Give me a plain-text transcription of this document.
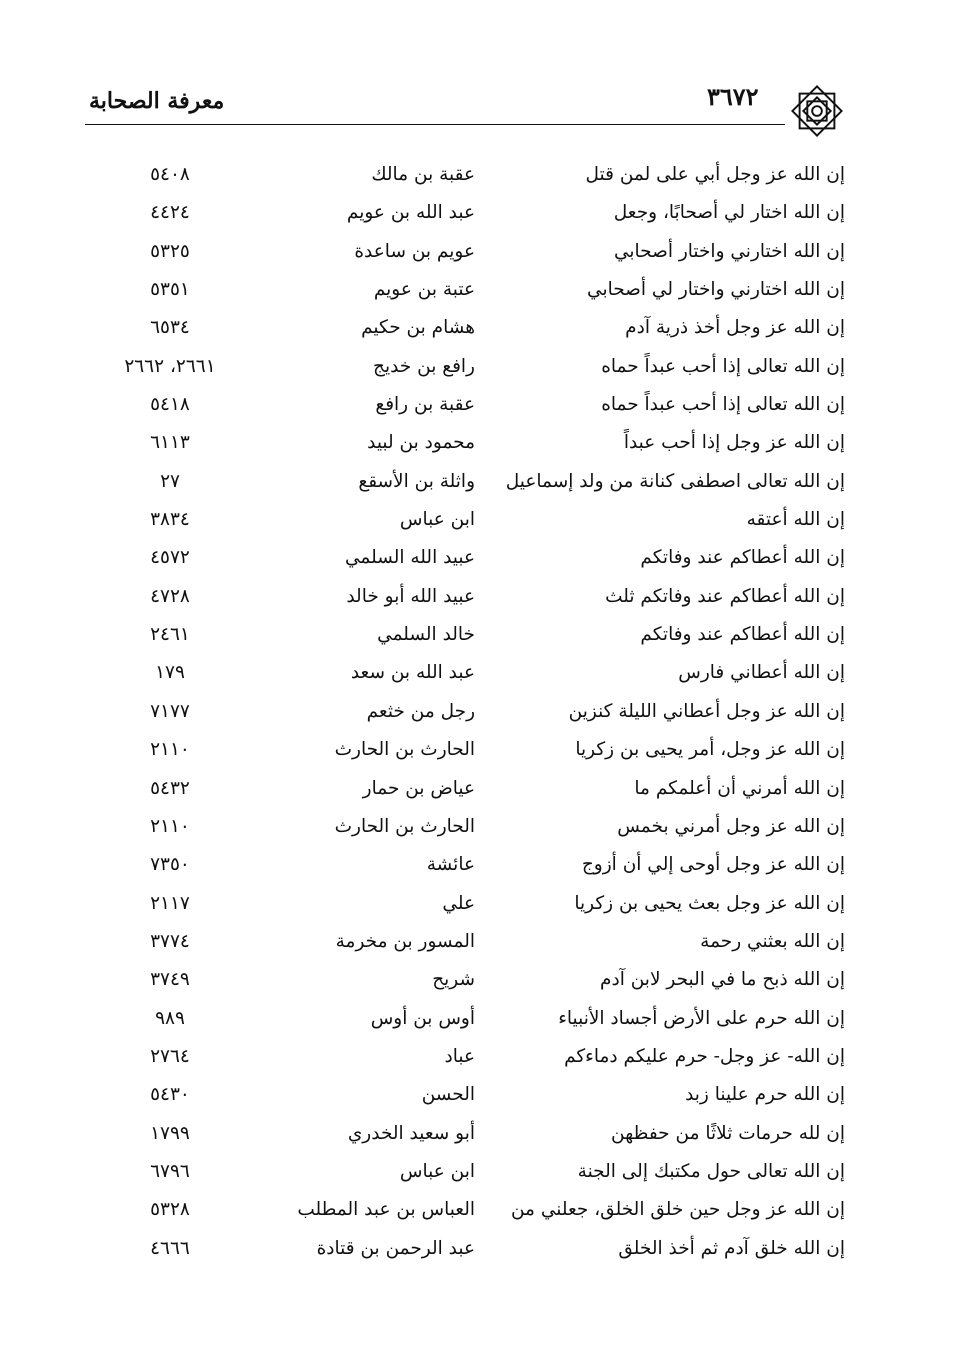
معرفة الصحابة	٣٦٧٢
إن الله عز وجل أبي على لمن قتل
عقبة بن مالك
٥٤٠٨
إن الله اختار لي أصحابًا، وجعل
عبد الله بن عويم
٤٤٢٤
إن الله اختارني واختار أصحابي
عويم بن ساعدة
٥٣٢٥
إن الله اختارني واختار لي أصحابي
عتبة بن عويم
٥٣٥١
إن الله عز وجل أخذ ذرية آدم
هشام بن حكيم
٦٥٣٤
إن الله تعالى إذا أحب عبداً حماه
رافع بن خديج
٢٦٦١، ٢٦٦٢
إن الله تعالى إذا أحب عبداً حماه
عقبة بن رافع
٥٤١٨
إن الله عز وجل إذا أحب عبداً
محمود بن لبيد
٦١١٣
إن الله تعالى اصطفى كنانة من ولد إسماعيل
واثلة بن الأسقع
٢٧
إن الله أعتقه
ابن عباس
٣٨٣٤
إن الله أعطاكم عند وفاتكم
عبيد الله السلمي
٤٥٧٢
إن الله أعطاكم عند وفاتكم ثلث
عبيد الله أبو خالد
٤٧٢٨
إن الله أعطاكم عند وفاتكم
خالد السلمي
٢٤٦١
إن الله أعطاني فارس
عبد الله بن سعد
١٧٩
إن الله عز وجل أعطاني الليلة كنزين
رجل من خثعم
٧١٧٧
إن الله عز وجل، أمر يحيى بن زكريا
الحارث بن الحارث
٢١١٠
إن الله أمرني أن أعلمكم ما
عياض بن حمار
٥٤٣٢
إن الله عز وجل أمرني بخمس
الحارث بن الحارث
٢١١٠
إن الله عز وجل أوحى إلي أن أزوج
عائشة
٧٣٥٠
إن الله عز وجل بعث يحيى بن زكريا
علي
٢١١٧
إن الله بعثني رحمة
المسور بن مخرمة
٣٧٧٤
إن الله ذبح ما في البحر لابن آدم
شريح
٣٧٤٩
إن الله حرم على الأرض أجساد الأنبياء
أوس بن أوس
٩٨٩
إن الله- عز وجل- حرم عليكم دماءكم
عباد
٢٧٦٤
إن الله حرم علينا زبد
الحسن
٥٤٣٠
إن لله حرمات ثلاثًا من حفظهن
أبو سعيد الخدري
١٧٩٩
إن الله تعالى حول مكتبك إلى الجنة
ابن عباس
٦٧٩٦
إن الله عز وجل حين خلق الخلق، جعلني من
العباس بن عبد المطلب
٥٣٢٨
إن الله خلق آدم ثم أخذ الخلق
عبد الرحمن بن قتادة
٤٦٦٦
